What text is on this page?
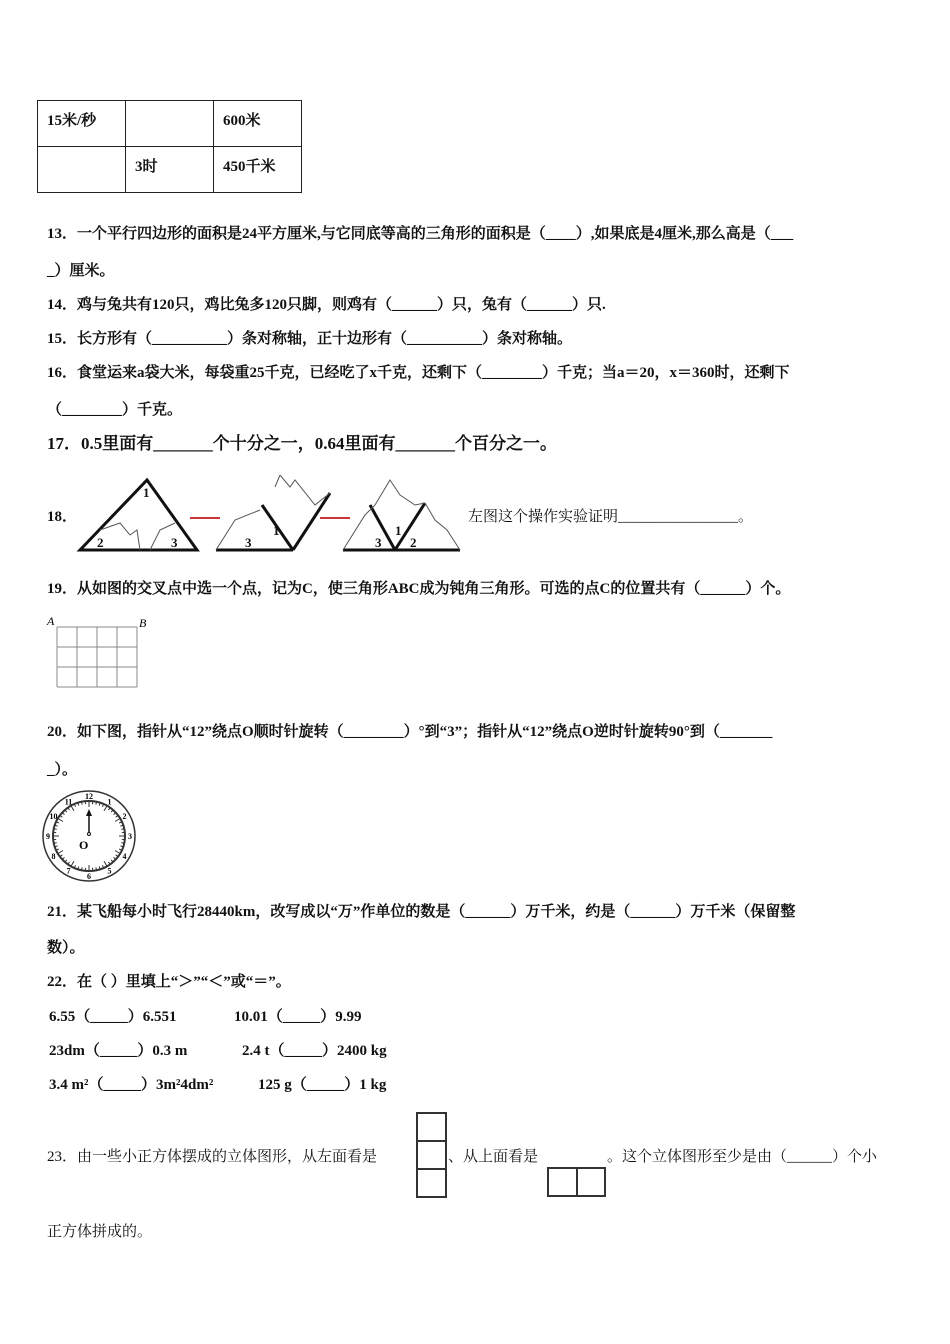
15米/秒		600米
	3时	450千米
13．一个平行四边形的面积是24平方厘米,与它同底等高的三角形的面积是（____）,如果底是4厘米,那么高是（___
_）厘米。
14．鸡与兔共有120只，鸡比兔多120只脚，则鸡有（______）只，兔有（______）只.
15．长方形有（__________）条对称轴，正十边形有（__________）条对称轴。
16．食堂运来a袋大米，每袋重25千克，已经吃了x千克，还剩下（________）千克；当a＝20，x＝360时，还剩下
（________）千克。
17．0.5里面有_______个十分之一，0.64里面有_______个百分之一。
18．
1
2	3
1
3
1
3 2
左图这个操作实验证明________________。
19．从如图的交叉点中选一个点，记为C，使三角形ABC成为钝角三角形。可选的点C的位置共有（______）个。
A	B
20．如下图，指针从“12”绕点O顺时针旋转（________）°到“3”；指针从“12”绕点O逆时针旋转90°到（_______
_）。
O
12
1
2
3
4
5
6
7
8
9
10
11
21．某飞船每小时飞行28440km，改写成以“万”作单位的数是（______）万千米，约是（______）万千米（保留整
数）。
22．在（ ）里填上“＞”“＜”或“＝”。
6.55（_____）6.551	10.01（_____）9.99
23dm（_____）0.3 m	2.4 t（_____）2400 kg
3.4 m²（_____）3m²4dm²	125 g（_____）1 kg
23．由一些小正方体摆成的立体图形，从左面看是	、从上面看是	。这个立体图形至少是由（______）个小
正方体拼成的。
